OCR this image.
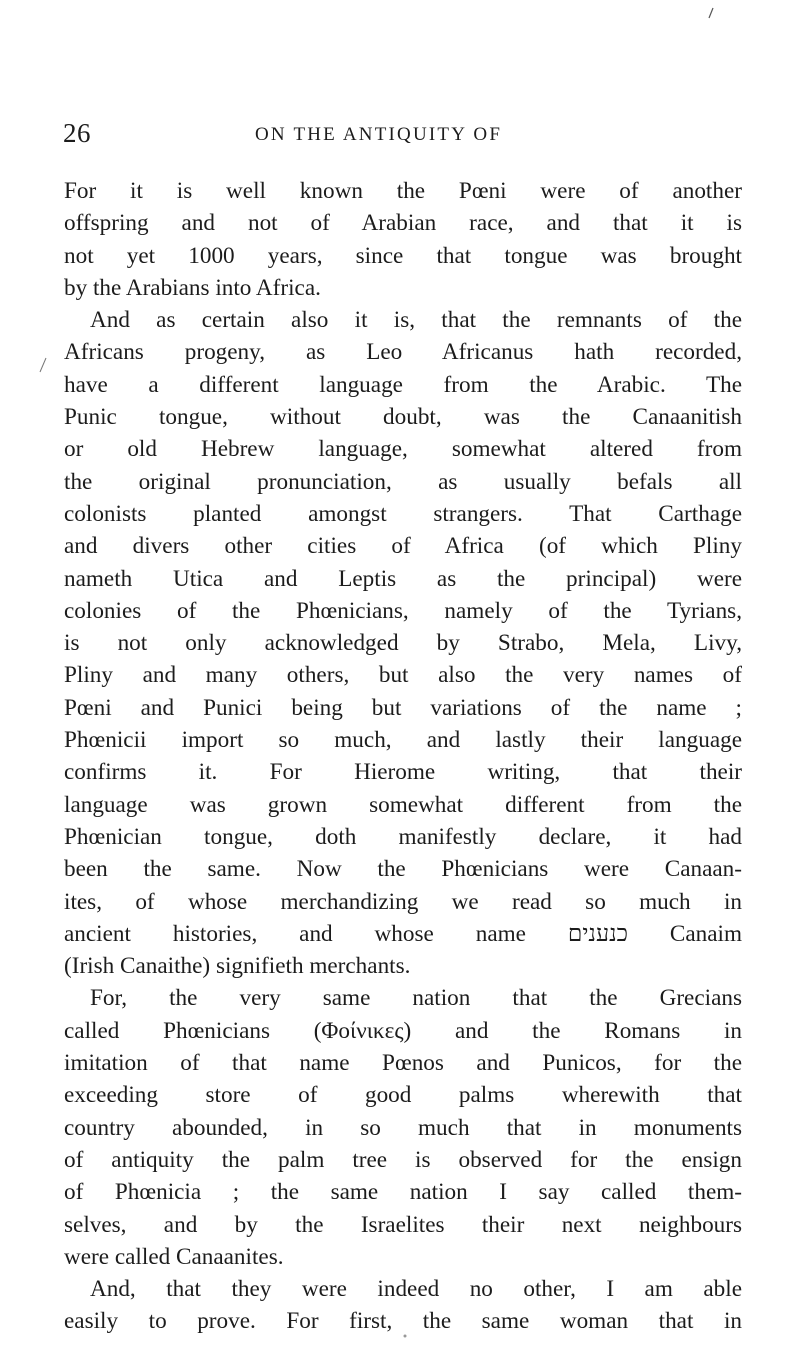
26	ON THE ANTIQUITY OF
For it is well known the Pœni were of another
offspring and not of Arabian race, and that it is
not yet 1000 years, since that tongue was brought
by the Arabians into Africa.
And as certain also it is, that the remnants of the
Africans progeny, as Leo Africanus hath recorded,
have a different language from the Arabic. The
Punic tongue, without doubt, was the Canaanitish
or old Hebrew language, somewhat altered from
the original pronunciation, as usually befals all
colonists planted amongst strangers. That Carthage
and divers other cities of Africa (of which Pliny
nameth Utica and Leptis as the principal) were
colonies of the Phœnicians, namely of the Tyrians,
is not only acknowledged by Strabo, Mela, Livy,
Pliny and many others, but also the very names of
Pœni and Punici being but variations of the name ;
Phœnicii import so much, and lastly their language
confirms it. For Hierome writing, that their
language was grown somewhat different from the
Phœnician tongue, doth manifestly declare, it had
been the same. Now the Phœnicians were Canaan-
ites, of whose merchandizing we read so much in
ancient histories, and whose name כנענים Canaim
(Irish Canaithe) signifieth merchants.
For, the very same nation that the Grecians
called Phœnicians (Φοίνικες) and the Romans in
imitation of that name Pœnos and Punicos, for the
exceeding store of good palms wherewith that
country abounded, in so much that in monuments
of antiquity the palm tree is observed for the ensign
of Phœnicia ; the same nation I say called them-
selves, and by the Israelites their next neighbours
were called Canaanites.
And, that they were indeed no other, I am able
easily to prove. For first, the same woman that in
